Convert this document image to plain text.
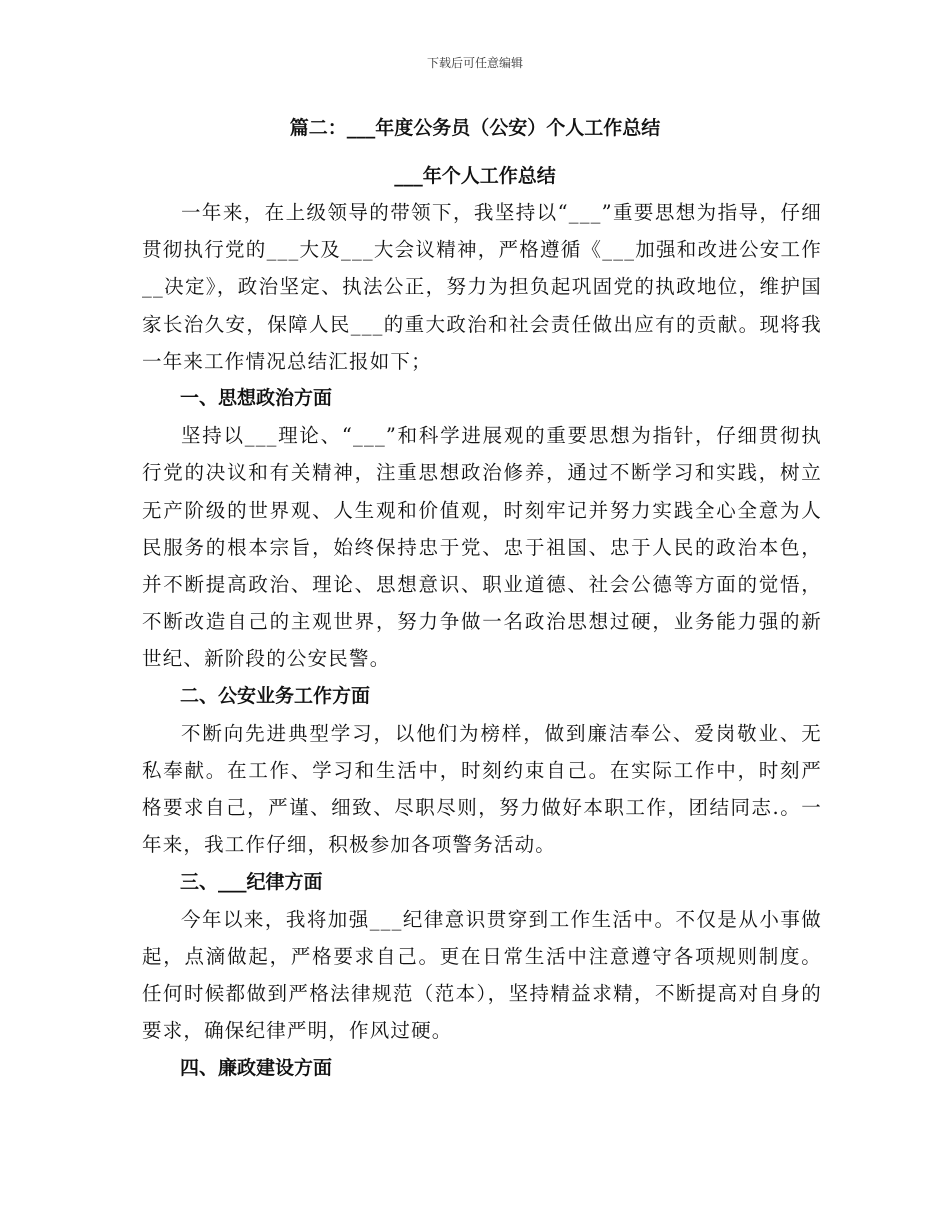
下载后可任意编辑
篇二：___年度公务员（公安）个人工作总结
___年个人工作总结

一年来，在上级领导的带领下，我坚持以“___”重要思想为指导，仔细贯彻执行党的___大及___大会议精神，严格遵循《___加强和改进公安工作__决定》，政治坚定、执法公正，努力为担负起巩固党的执政地位，维护国家长治久安，保障人民___的重大政治和社会责任做出应有的贡献。现将我一年来工作情况总结汇报如下；

一、思想政治方面

坚持以___理论、“___”和科学进展观的重要思想为指针，仔细贯彻执行党的决议和有关精神，注重思想政治修养，通过不断学习和实践，树立无产阶级的世界观、人生观和价值观，时刻牢记并努力实践全心全意为人民服务的根本宗旨，始终保持忠于党、忠于祖国、忠于人民的政治本色，并不断提高政治、理论、思想意识、职业道德、社会公德等方面的觉悟，不断改造自己的主观世界，努力争做一名政治思想过硬，业务能力强的新世纪、新阶段的公安民警。

二、公安业务工作方面

不断向先进典型学习，以他们为榜样，做到廉洁奉公、爱岗敬业、无私奉献。在工作、学习和生活中，时刻约束自己。在实际工作中，时刻严格要求自己，严谨、细致、尽职尽则，努力做好本职工作，团结同志.。一年来，我工作仔细，积极参加各项警务活动。

三、___纪律方面

今年以来，我将加强___纪律意识贯穿到工作生活中。不仅是从小事做起，点滴做起，严格要求自己。更在日常生活中注意遵守各项规则制度。任何时候都做到严格法律规范（范本），坚持精益求精，不断提高对自身的要求，确保纪律严明，作风过硬。

四、廉政建设方面
